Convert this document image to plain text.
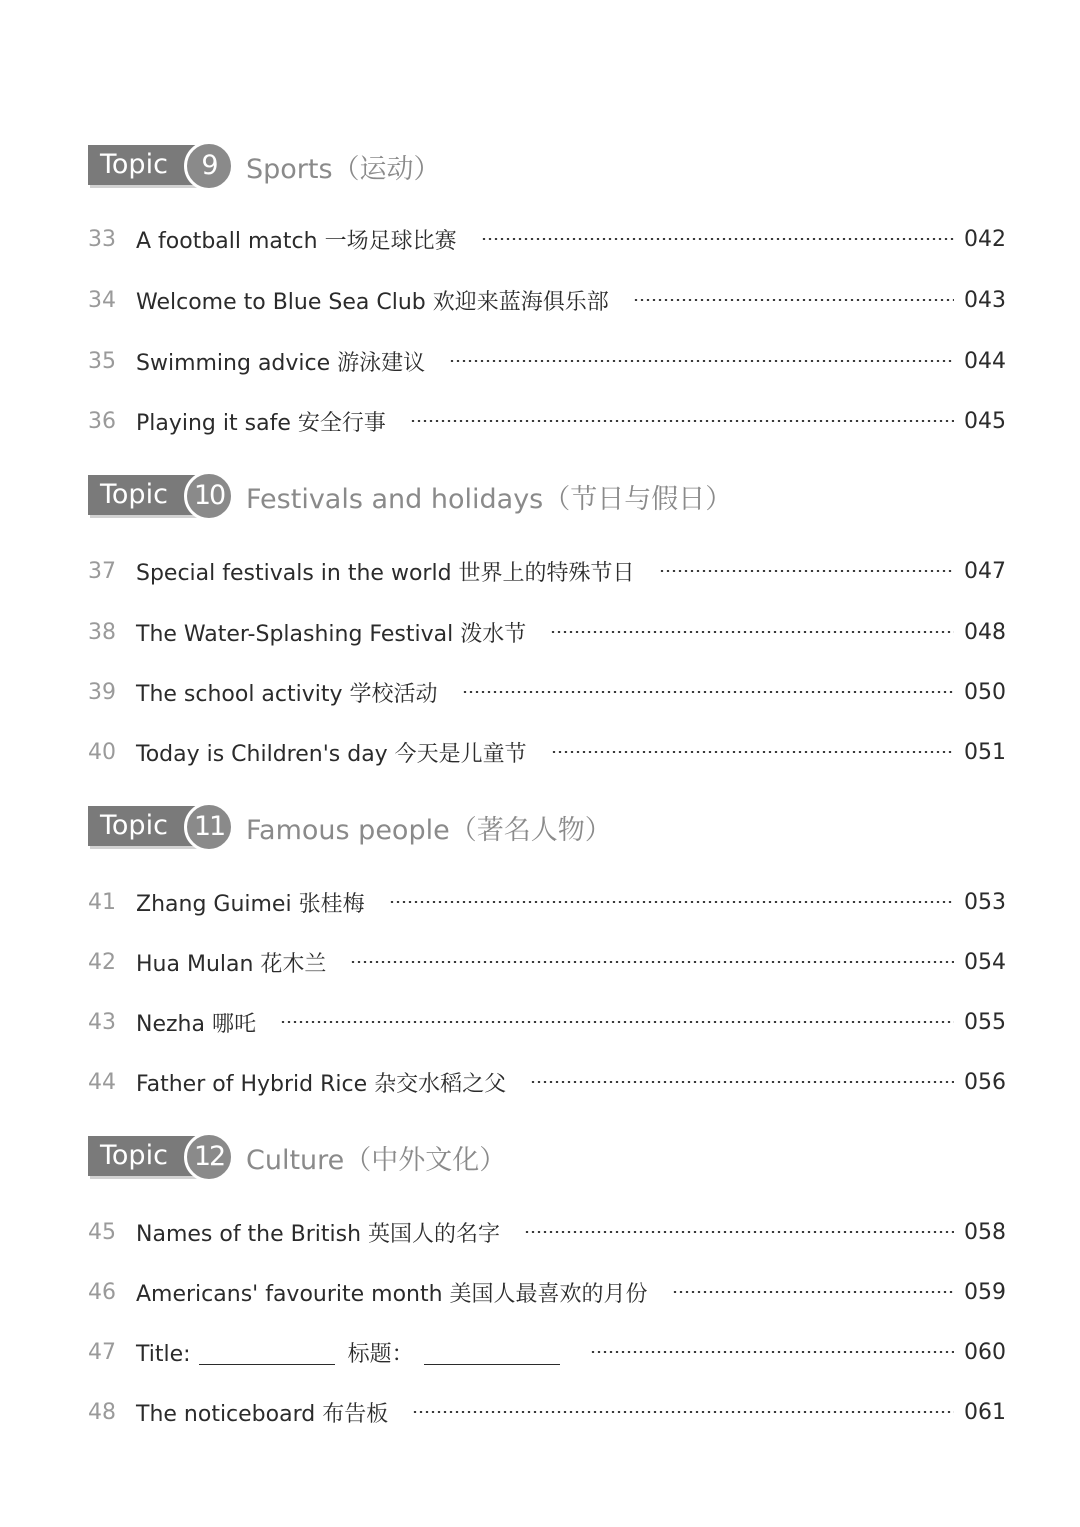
Topic	9	Sports（运动）
33 A football match 一场足球比赛	042
34 Welcome to Blue Sea Club 欢迎来蓝海俱乐部	043
35 Swimming advice 游泳建议	044
36 Playing it safe 安全行事	045
Topic 10 Festivals and holidays（节日与假日）
37 Special festivals in the world 世界上的特殊节日	047
38 The Water-Splashing Festival 泼水节	048
39 The school activity 学校活动	050
40 Today is Children's day 今天是儿童节	051
Topic 11 Famous people（著名人物）
41 Zhang Guimei 张桂梅	053
42 Hua Mulan 花木兰	054
43 Nezha 哪吒	055
44 Father of Hybrid Rice 杂交水稻之父	056
Topic 12 Culture（中外文化）
45 Names of the British 英国人的名字	058
46 Americans' favourite month 美国人最喜欢的月份	059
47 Title:	标题：	060
48 The noticeboard 布告板	061
